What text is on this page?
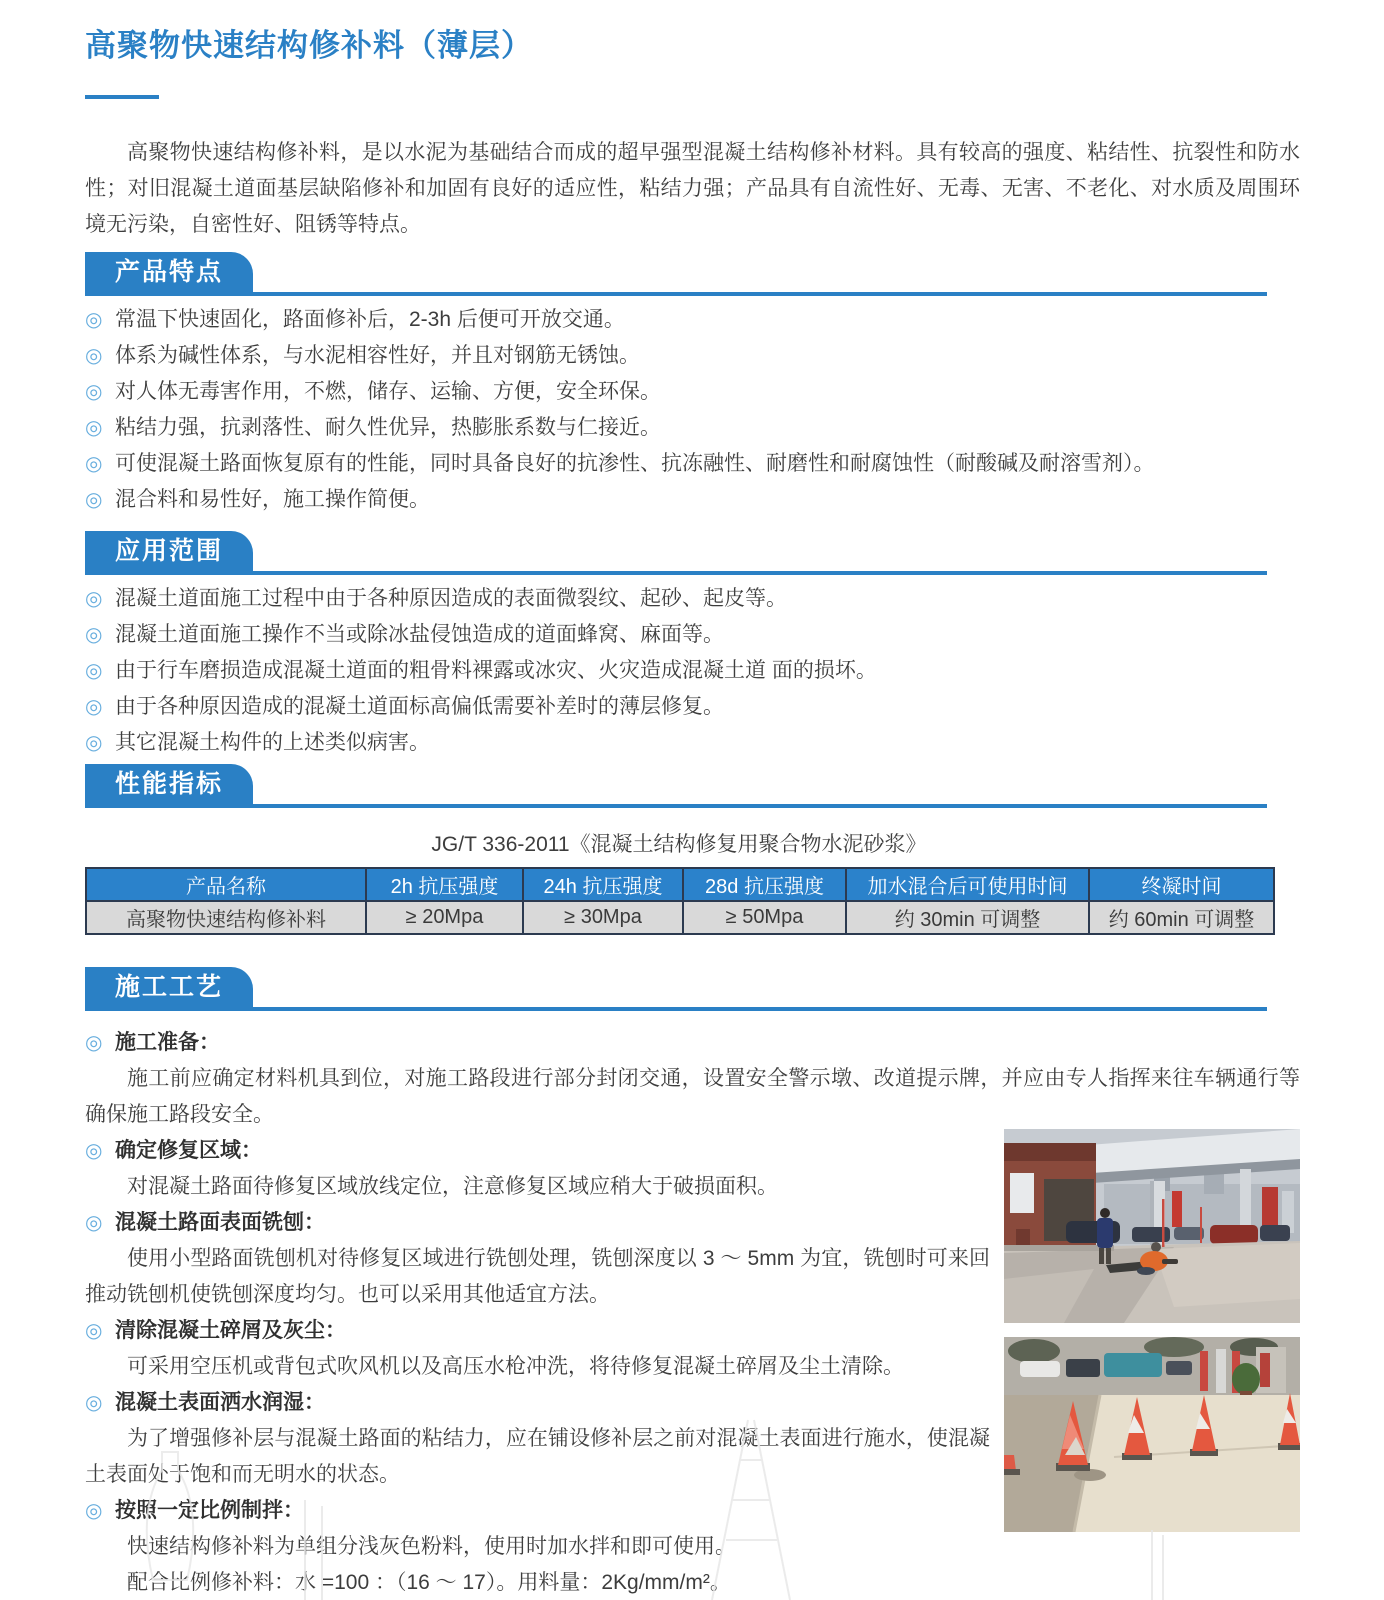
高聚物快速结构修补料（薄层）

高聚物快速结构修补料，是以水泥为基础结合而成的超早强型混凝土结构修补材料。具有较高的强度、粘结性、抗裂性和防水性；对旧混凝土道面基层缺陷修补和加固有良好的适应性，粘结力强；产品具有自流性好、无毒、无害、不老化、对水质及周围环境无污染，自密性好、阻锈等特点。

产品特点
◎ 常温下快速固化，路面修补后，2-3h 后便可开放交通。
◎ 体系为碱性体系，与水泥相容性好，并且对钢筋无锈蚀。
◎ 对人体无毒害作用，不燃，储存、运输、方便，安全环保。
◎ 粘结力强，抗剥落性、耐久性优异，热膨胀系数与仁接近。
◎ 可使混凝土路面恢复原有的性能，同时具备良好的抗渗性、抗冻融性、耐磨性和耐腐蚀性（耐酸碱及耐溶雪剂）。
◎ 混合料和易性好，施工操作简便。
应用范围
◎ 混凝土道面施工过程中由于各种原因造成的表面微裂纹、起砂、起皮等。
◎ 混凝土道面施工操作不当或除冰盐侵蚀造成的道面蜂窝、麻面等。
◎ 由于行车磨损造成混凝土道面的粗骨料裸露或冰灾、火灾造成混凝土道 面的损坏。
◎ 由于各种原因造成的混凝土道面标高偏低需要补差时的薄层修复。
◎ 其它混凝土构件的上述类似病害。
性能指标

JG/T 336-2011《混凝土结构修复用聚合物水泥砂浆》

产品名称	2h 抗压强度	24h 抗压强度	28d 抗压强度	加水混合后可使用时间	终凝时间
高聚物快速结构修补料	≥ 20Mpa	≥ 30Mpa	≥ 50Mpa	约 30min 可调整	约 60min 可调整
施工工艺
◎ 施工准备：

施工前应确定材料机具到位，对施工路段进行部分封闭交通，设置安全警示墩、改道提示牌，并应由专人指挥来往车辆通行等确保施工路段安全。

◎ 确定修复区域：

对混凝土路面待修复区域放线定位，注意修复区域应稍大于破损面积。

◎ 混凝土路面表面铣刨：

使用小型路面铣刨机对待修复区域进行铣刨处理，铣刨深度以 3 ～ 5mm 为宜，铣刨时可来回推动铣刨机使铣刨深度均匀。也可以采用其他适宜方法。

◎ 清除混凝土碎屑及灰尘：

可采用空压机或背包式吹风机以及高压水枪冲洗，将待修复混凝土碎屑及尘土清除。

◎ 混凝土表面洒水润湿：

为了增强修补层与混凝土路面的粘结力，应在铺设修补层之前对混凝土表面进行施水，使混凝土表面处于饱和而无明水的状态。

◎ 按照一定比例制拌：

快速结构修补料为单组分浅灰色粉料，使用时加水拌和即可使用。

配合比例修补料：水 =100 ：（16 ～ 17）。用料量：2Kg/mm/m²。
